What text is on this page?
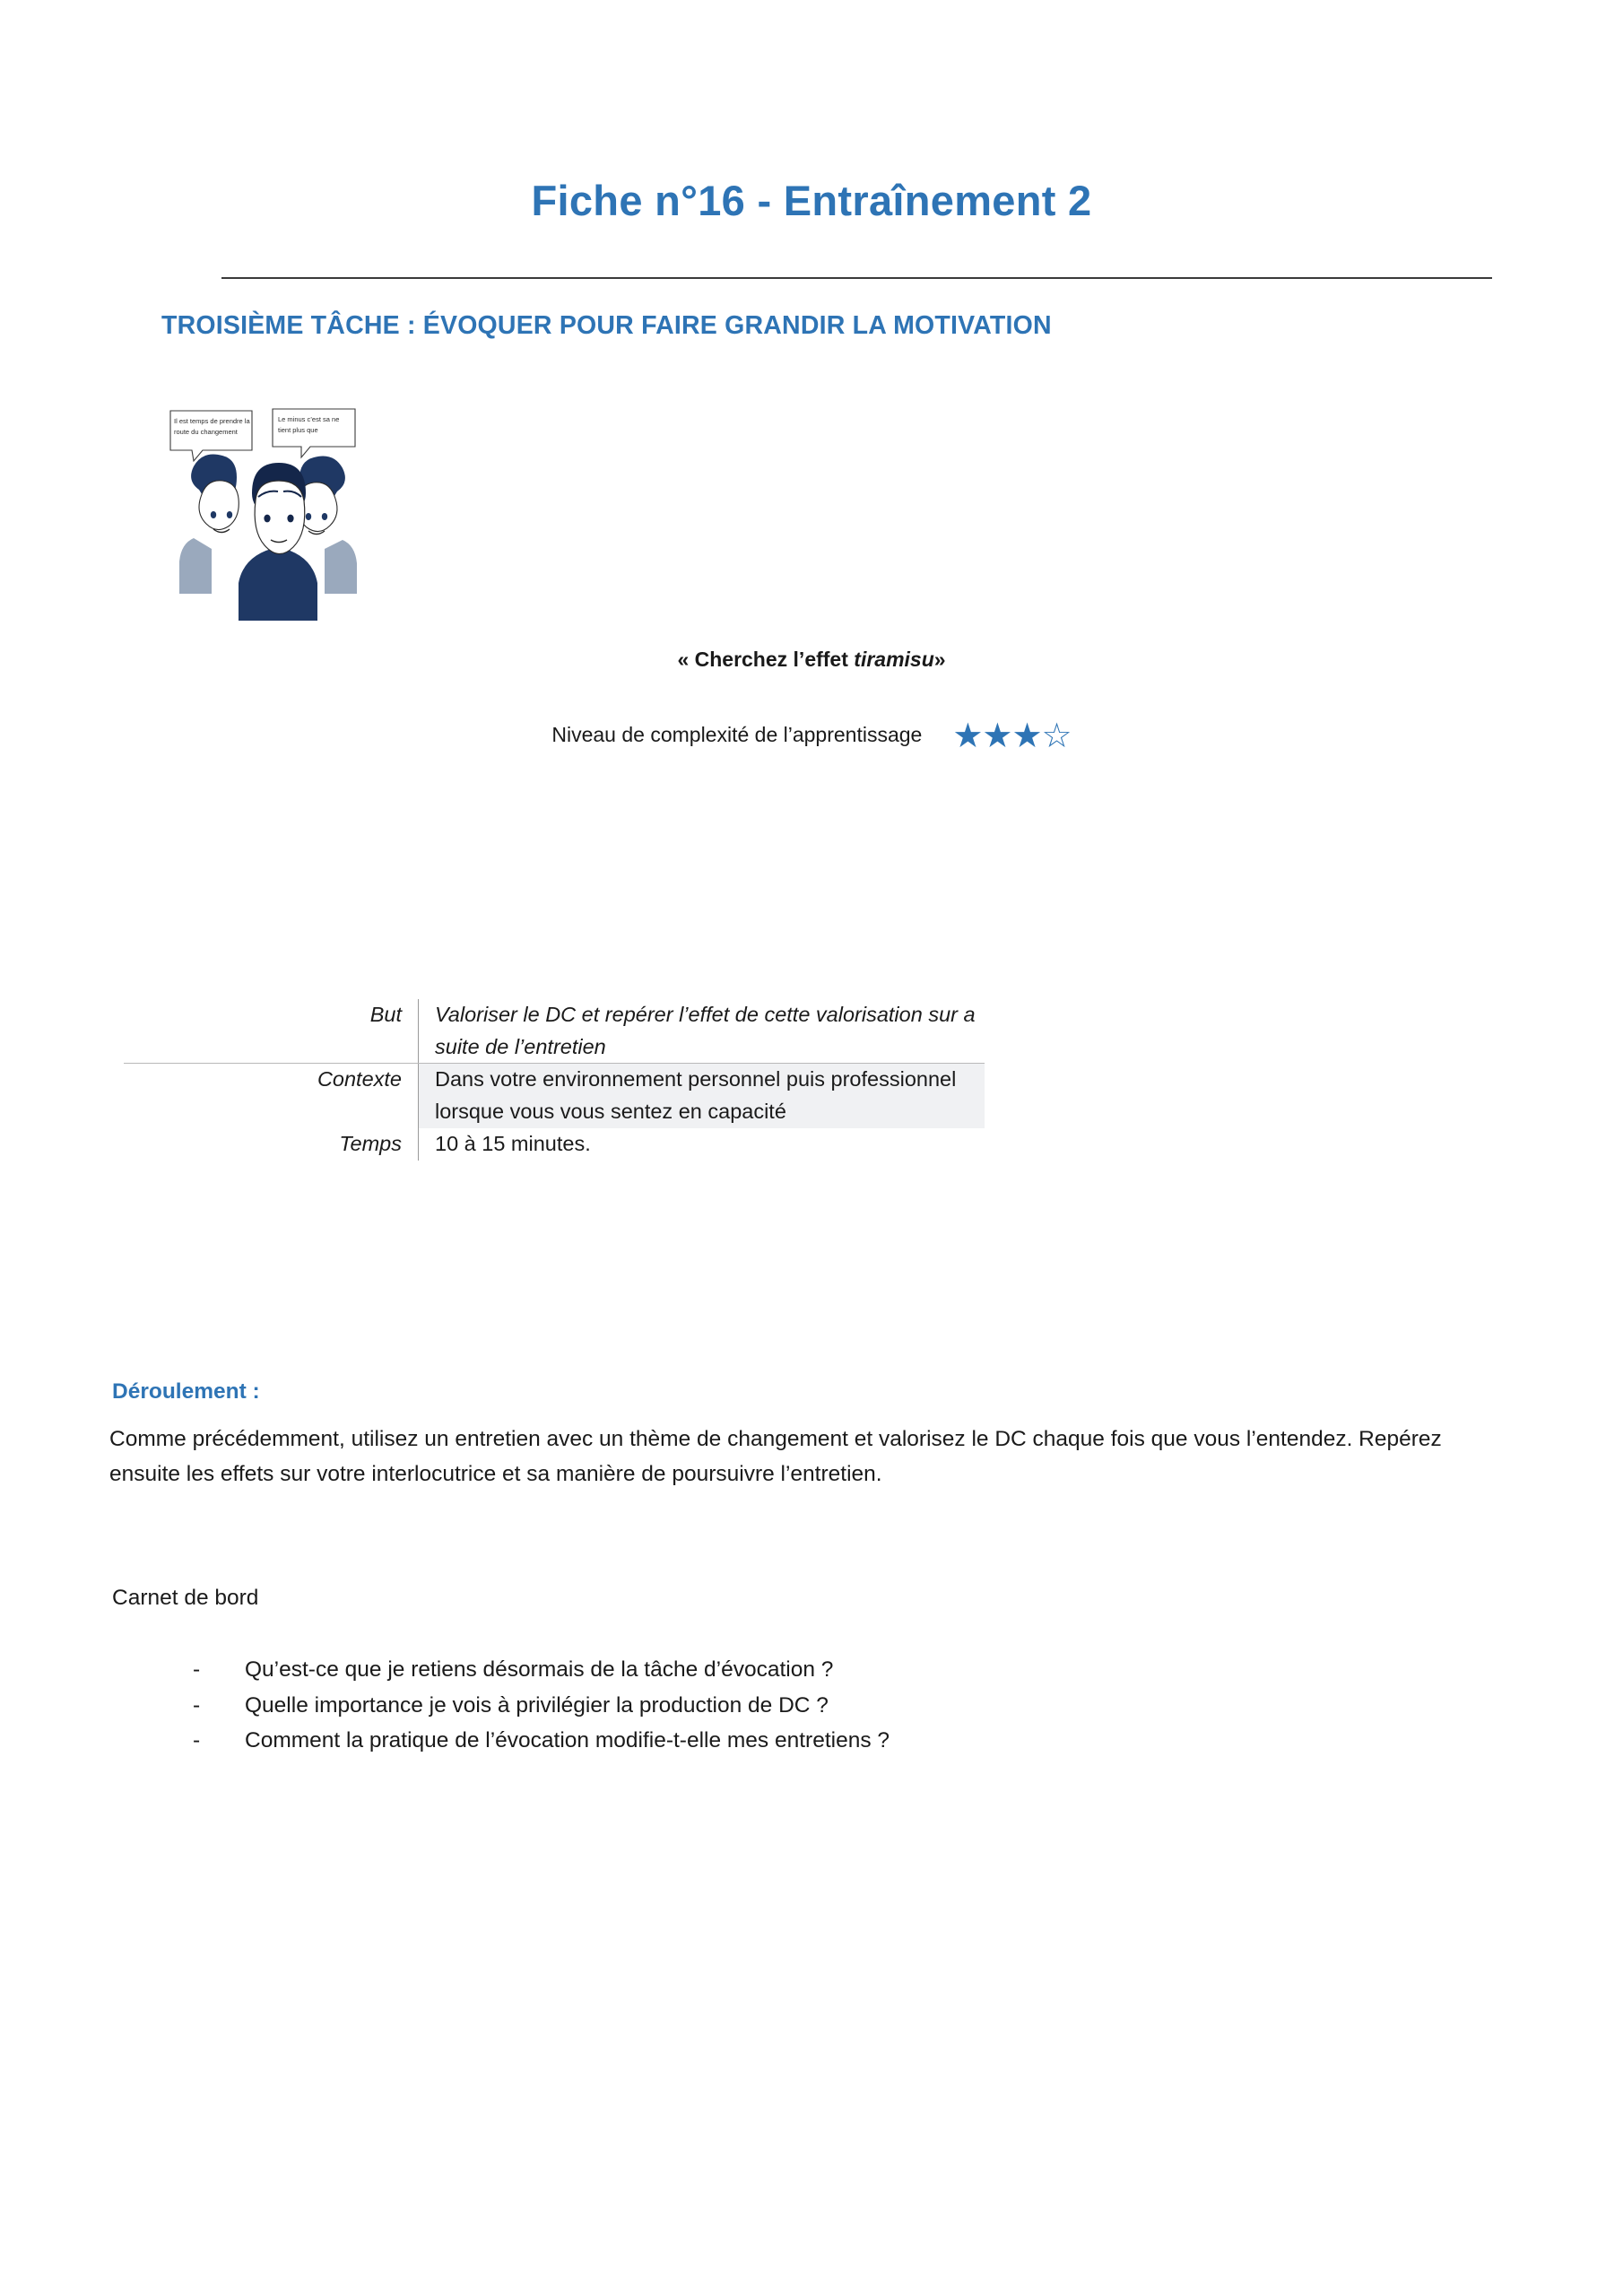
Fiche n°16 - Entraînement 2
TROISIÈME TÂCHE : ÉVOQUER POUR FAIRE GRANDIR LA MOTIVATION
Il est temps de prendre la
route du changement
Le minus c’est sa ne
tient plus que
« Cherchez l’effet tiramisu»
Niveau de complexité de l’apprentissage ★★★☆
But	Valoriser le DC et repérer l’effet de cette valorisation sur a suite de l’entretien
Contexte	Dans votre environnement personnel puis professionnel lorsque vous vous sentez en capacité
Temps	10 à 15 minutes.
Déroulement :
Comme précédemment, utilisez un entretien avec un thème de changement et valorisez le DC chaque fois que vous l’entendez. Repérez ensuite les effets sur votre interlocutrice et sa manière de poursuivre l’entretien.
Carnet de bord
-	Qu’est-ce que je retiens désormais de la tâche d’évocation ?
-	Quelle importance je vois à privilégier la production de DC ?
-	Comment la pratique de l’évocation modifie-t-elle mes entretiens ?
